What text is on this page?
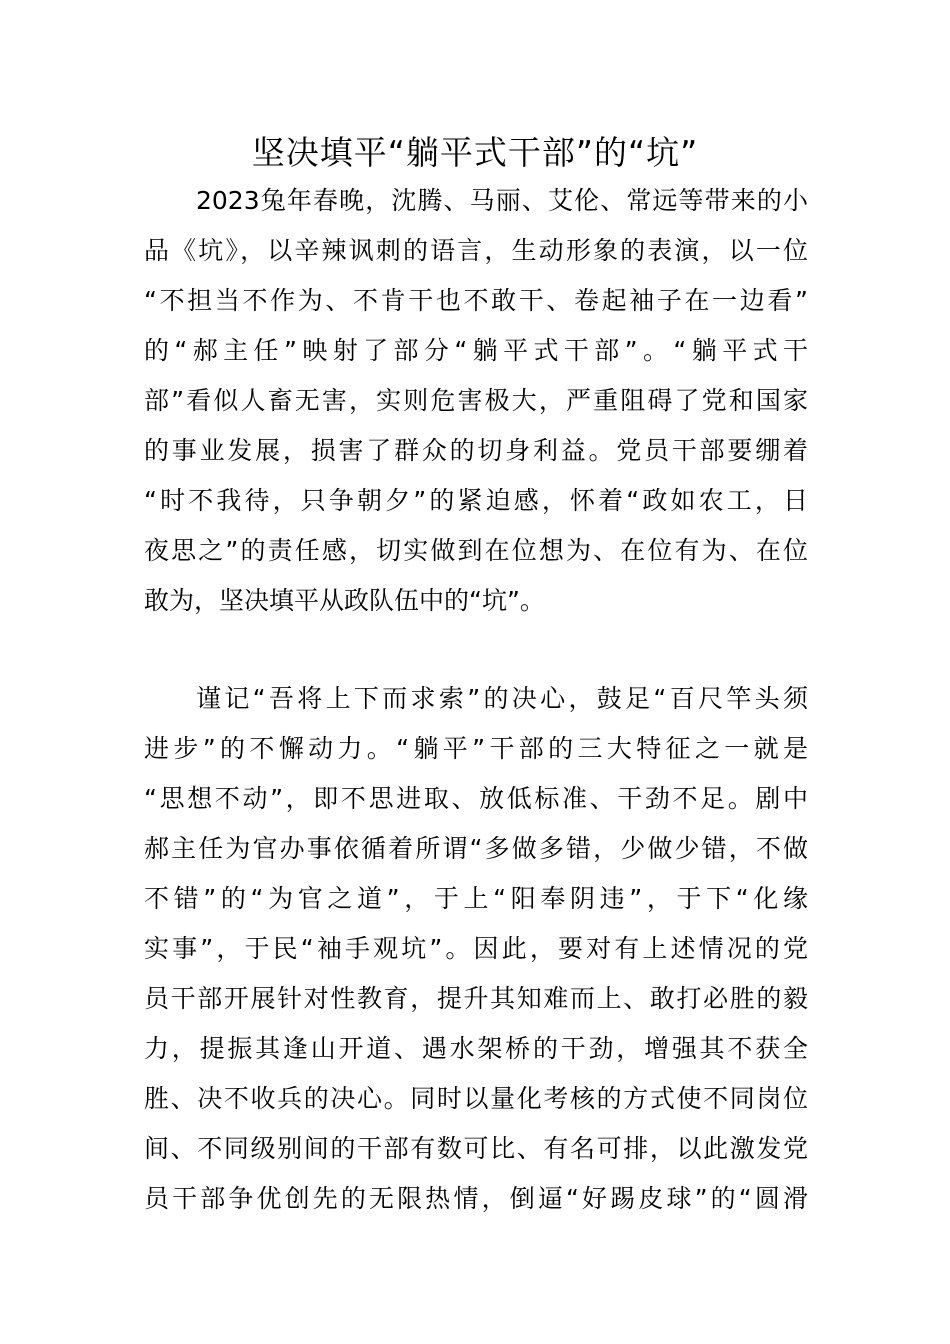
坚决填平“躺平式干部”的“坑”
2023兔年春晚，沈腾、马丽、艾伦、常远等带来的小
品《坑》，以辛辣讽刺的语言，生动形象的表演，以一位
“不担当不作为、不肯干也不敢干、卷起袖子在一边看”
的“郝主任”映射了部分“躺平式干部”。“躺平式干
部”看似人畜无害，实则危害极大，严重阻碍了党和国家
的事业发展，损害了群众的切身利益。党员干部要绷着
“时不我待，只争朝夕”的紧迫感，怀着“政如农工，日
夜思之”的责任感，切实做到在位想为、在位有为、在位
敢为，坚决填平从政队伍中的“坑”。
谨记“吾将上下而求索”的决心，鼓足“百尺竿头须
进步”的不懈动力。“躺平”干部的三大特征之一就是
“思想不动”，即不思进取、放低标准、干劲不足。剧中
郝主任为官办事依循着所谓“多做多错，少做少错，不做
不错”的“为官之道”，于上“阳奉阴违”，于下“化缘
实事”，于民“袖手观坑”。因此，要对有上述情况的党
员干部开展针对性教育，提升其知难而上、敢打必胜的毅
力，提振其逢山开道、遇水架桥的干劲，增强其不获全
胜、决不收兵的决心。同时以量化考核的方式使不同岗位
间、不同级别间的干部有数可比、有名可排，以此激发党
员干部争优创先的无限热情，倒逼“好踢皮球”的“圆滑
